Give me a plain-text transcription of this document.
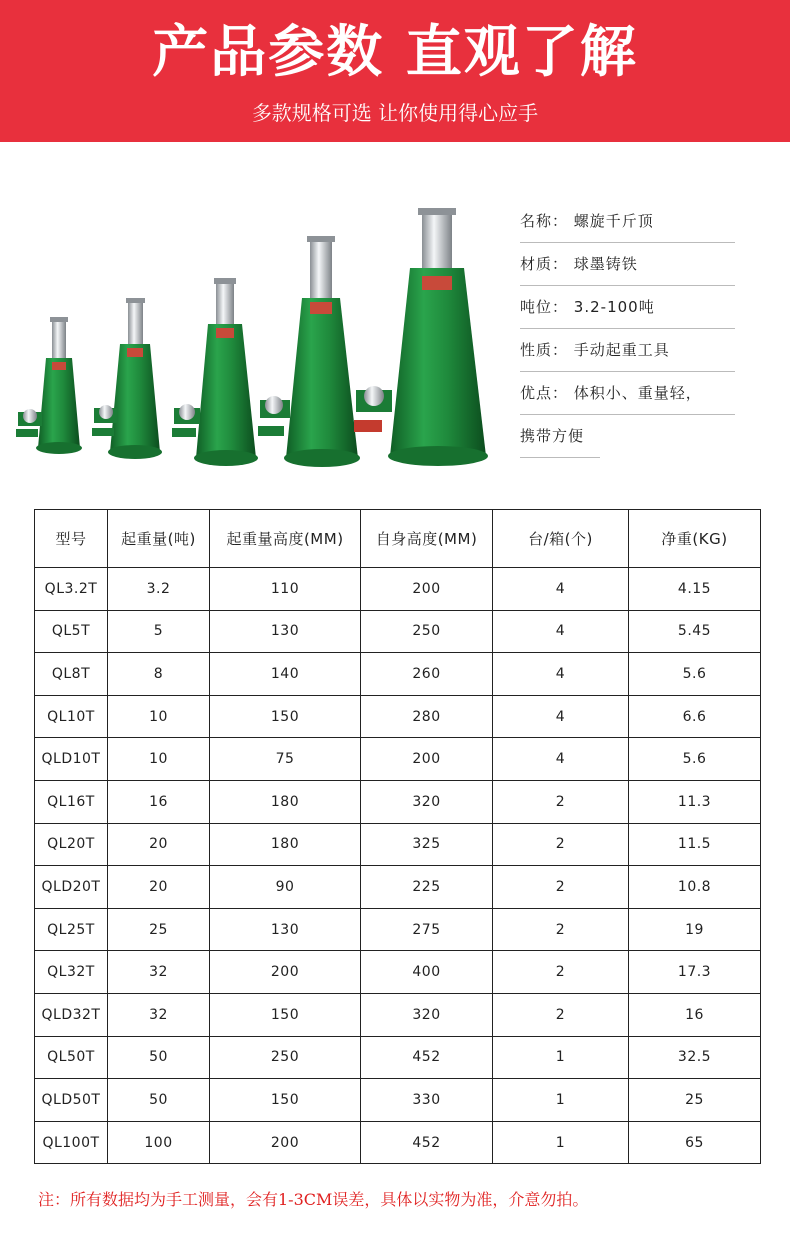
产品参数 直观了解
多款规格可选 让你使用得心应手
名称： 螺旋千斤顶
材质： 球墨铸铁
吨位： 3.2-100吨
性质： 手动起重工具
优点： 体积小、重量轻，
携带方便
型号	起重量(吨)	起重量高度(MM)	自身高度(MM)	台/箱(个)	净重(KG)
QL3.2T	3.2	110	200	4	4.15
QL5T	5	130	250	4	5.45
QL8T	8	140	260	4	5.6
QL10T	10	150	280	4	6.6
QLD10T	10	75	200	4	5.6
QL16T	16	180	320	2	11.3
QL20T	20	180	325	2	11.5
QLD20T	20	90	225	2	10.8
QL25T	25	130	275	2	19
QL32T	32	200	400	2	17.3
QLD32T	32	150	320	2	16
QL50T	50	250	452	1	32.5
QLD50T	50	150	330	1	25
QL100T	100	200	452	1	65
注：所有数据均为手工测量，会有1-3CM误差，具体以实物为准，介意勿拍。
